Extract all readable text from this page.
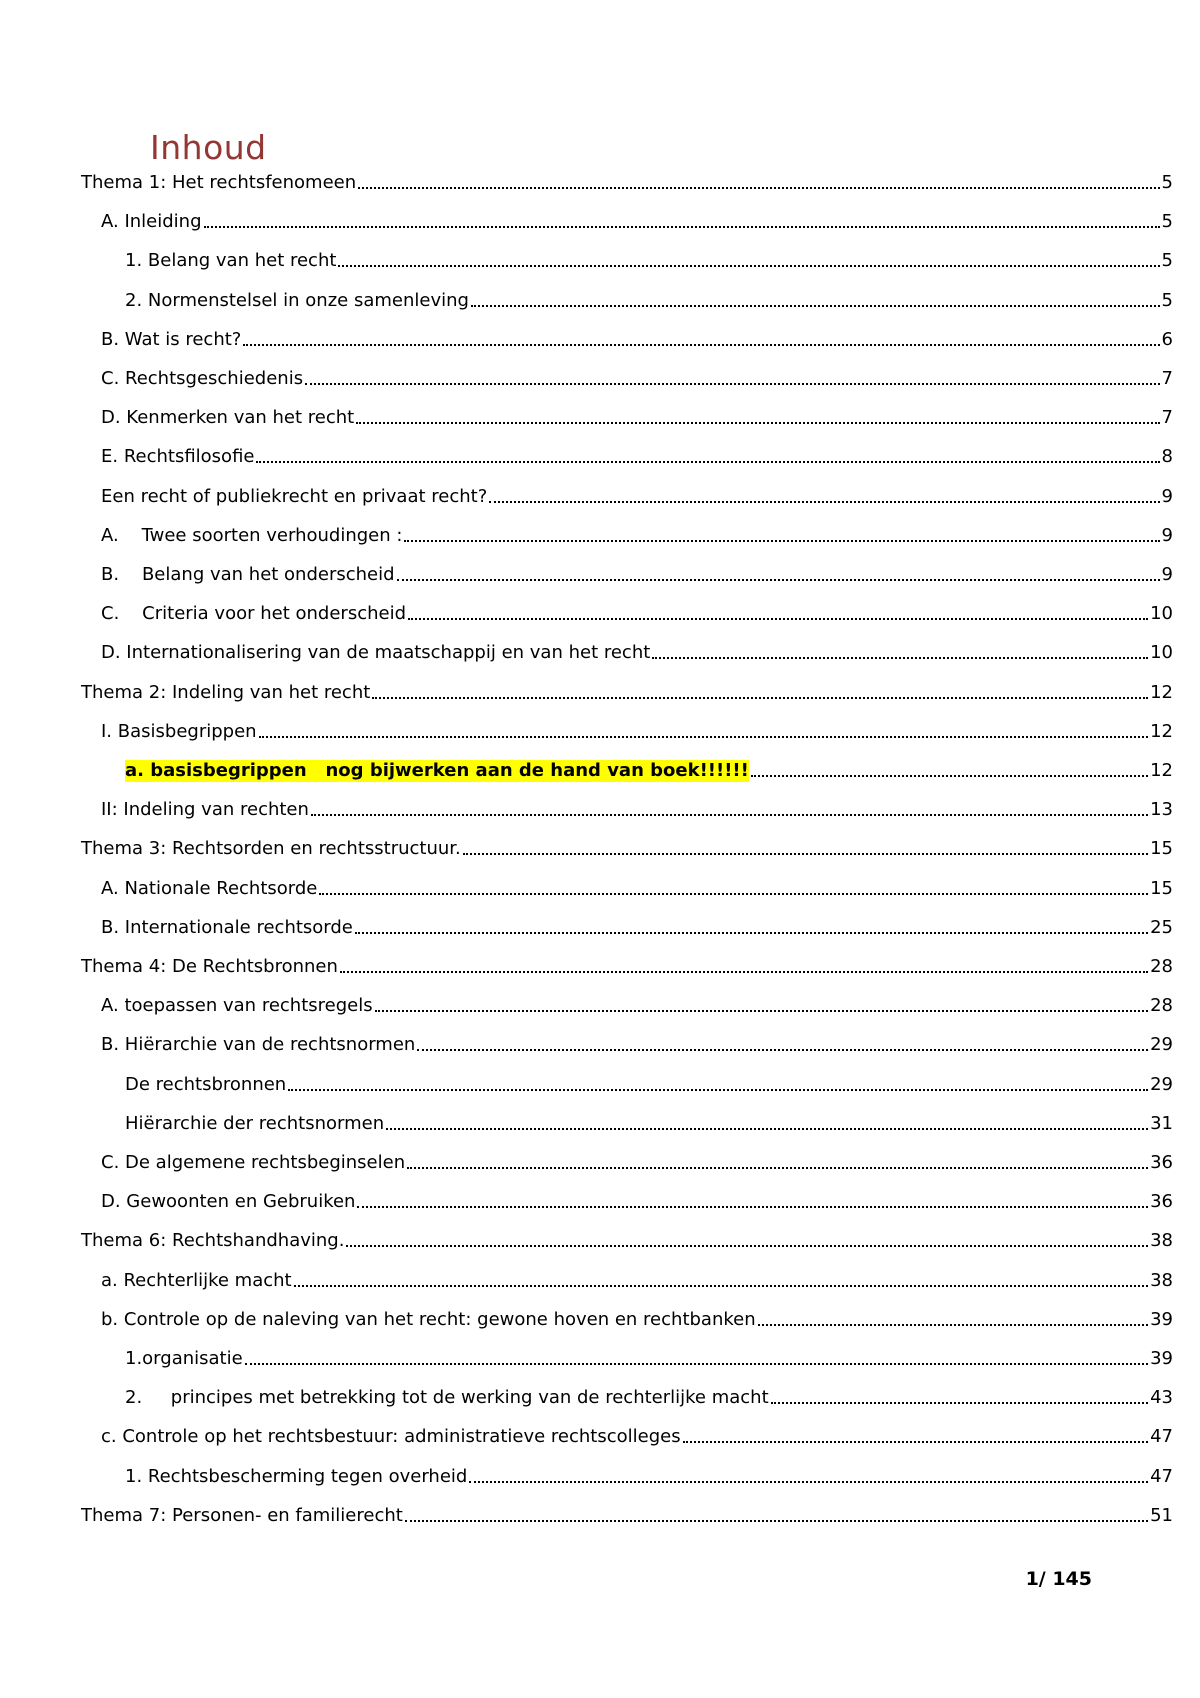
Inhoud
Thema 1: Het rechtsfenomeen	5
A. Inleiding	5
1. Belang van het recht	5
2. Normenstelsel in onze samenleving	5
B. Wat is recht?	6
C. Rechtsgeschiedenis	7
D. Kenmerken van het recht	7
E. Rechtsfilosofie	8
Een recht of publiekrecht en privaat recht?	9
A.    Twee soorten verhoudingen :	9
B.    Belang van het onderscheid	9
C.    Criteria voor het onderscheid	10
D. Internationalisering van de maatschappij en van het recht	10
Thema 2: Indeling van het recht	12
I. Basisbegrippen	12
a. basisbegrippen   nog bijwerken aan de hand van boek!!!!!!	12
II: Indeling van rechten	13
Thema 3: Rechtsorden en rechtsstructuur.	15
A. Nationale Rechtsorde	15
B. Internationale rechtsorde	25
Thema 4: De Rechtsbronnen	28
A. toepassen van rechtsregels	28
B. Hiërarchie van de rechtsnormen	29
De rechtsbronnen	29
Hiërarchie der rechtsnormen	31
C. De algemene rechtsbeginselen	36
D. Gewoonten en Gebruiken	36
Thema 6: Rechtshandhaving.	38
a. Rechterlijke macht	38
b. Controle op de naleving van het recht: gewone hoven en rechtbanken	39
1.organisatie	39
2.     principes met betrekking tot de werking van de rechterlijke macht	43
c. Controle op het rechtsbestuur: administratieve rechtscolleges	47
1. Rechtsbescherming tegen overheid	47
Thema 7: Personen- en familierecht	51
1/ 145
